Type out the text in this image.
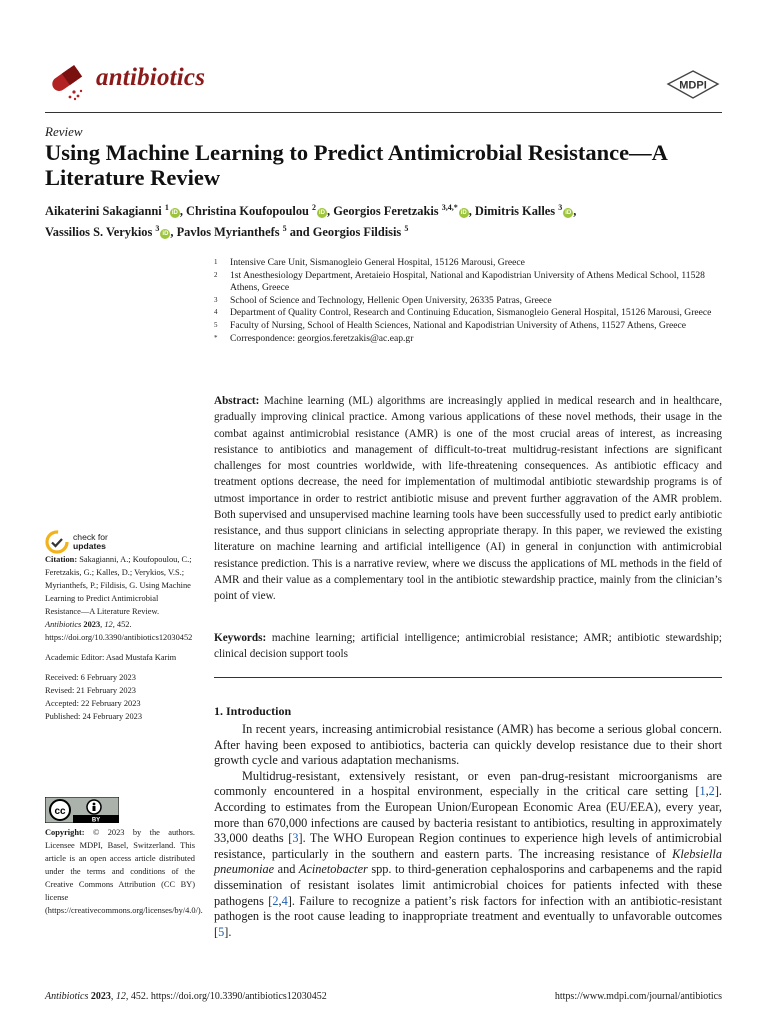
antibiotics	MDPI
Review
Using Machine Learning to Predict Antimicrobial Resistance—A Literature Review
Aikaterini Sakagianni $^1$iD , Christina Koufopoulou $^2$iD , Georgios Feretzakis $^{3,4,*}$iD , Dimitris Kalles $^3$iD ,
Vassilios S. Verykios $^3$iD , Pavlos Myrianthefs $^5$ and Georgios Fildisis $^5$
1	Intensive Care Unit, Sismanogleio General Hospital, 15126 Marousi, Greece
2	1st Anesthesiology Department, Aretaieio Hospital, National and Kapodistrian University of Athens Medical School, 11528 Athens, Greece
3	School of Science and Technology, Hellenic Open University, 26335 Patras, Greece
4	Department of Quality Control, Research and Continuing Education, Sismanogleio General Hospital, 15126 Marousi, Greece
5	Faculty of Nursing, School of Health Sciences, National and Kapodistrian University of Athens, 11527 Athens, Greece
*	Correspondence: georgios.feretzakis@ac.eap.gr
Abstract: Machine learning (ML) algorithms are increasingly applied in medical research and in healthcare, gradually improving clinical practice. Among various applications of these novel methods, their usage in the combat against antimicrobial resistance (AMR) is one of the most crucial areas of interest, as increasing resistance to antibiotics and management of difficult-to-treat multidrug-resistant infections are significant challenges for most countries worldwide, with life-threatening consequences. As antibiotic efficacy and treatment options decrease, the need for implementation of multimodal antibiotic stewardship programs is of utmost importance in order to restrict antibiotic misuse and prevent further aggravation of the AMR problem. Both supervised and unsupervised machine learning tools have been successfully used to predict early antibiotic resistance, and thus support clinicians in selecting appropriate therapy. In this paper, we reviewed the existing literature on machine learning and artificial intelligence (AI) in general in conjunction with antimicrobial resistance prediction. This is a narrative review, where we discuss the applications of ML methods in the field of AMR and their value as a complementary tool in the antibiotic stewardship practice, mainly from the clinician’s point of view.
Keywords: machine learning; artificial intelligence; antimicrobial resistance; AMR; antibiotic stewardship; clinical decision support tools
check for
updates

Citation: Sakagianni, A.; Koufopoulou, C.; Feretzakis, G.; Kalles, D.; Verykios, V.S.; Myrianthefs, P.; Fildisis, G. Using Machine Learning to Predict Antimicrobial Resistance—A Literature Review. Antibiotics 2023, 12, 452. https://doi.org/10.3390/antibiotics12030452

Academic Editor: Asad Mustafa Karim

Received: 6 February 2023
Revised: 21 February 2023
Accepted: 22 February 2023
Published: 24 February 2023
cc
BY
Copyright: © 2023 by the authors. Licensee MDPI, Basel, Switzerland. This article is an open access article distributed under the terms and conditions of the Creative Commons Attribution (CC BY) license (https://creativecommons.org/licenses/by/4.0/).
1. Introduction

In recent years, increasing antimicrobial resistance (AMR) has become a serious global concern. After having been exposed to antibiotics, bacteria can quickly develop resistance due to their short growth cycle and various adaptation mechanisms.

Multidrug-resistant, extensively resistant, or even pan-drug-resistant microorganisms are commonly encountered in a hospital environment, especially in the critical care setting [1,2]. According to estimates from the European Union/European Economic Area (EU/EEA), every year, more than 670,000 infections are caused by bacteria resistant to antibiotics, resulting in approximately 33,000 deaths [3]. The WHO European Region continues to experience high levels of antimicrobial resistance, particularly in the southern and eastern parts. The increasing resistance of Klebsiella pneumoniae and Acinetobacter spp. to third-generation cephalosporins and carbapenems and the rapid dissemination of resistant isolates limit antimicrobial choices for patients infected with these pathogens [2,4]. Failure to recognize a patient’s risk factors for infection with an antibiotic-resistant pathogen is the root cause leading to inappropriate treatment and eventually to unfavorable outcomes [5].

Antibiotics 2023, 12, 452. https://doi.org/10.3390/antibiotics12030452	https://www.mdpi.com/journal/antibiotics
